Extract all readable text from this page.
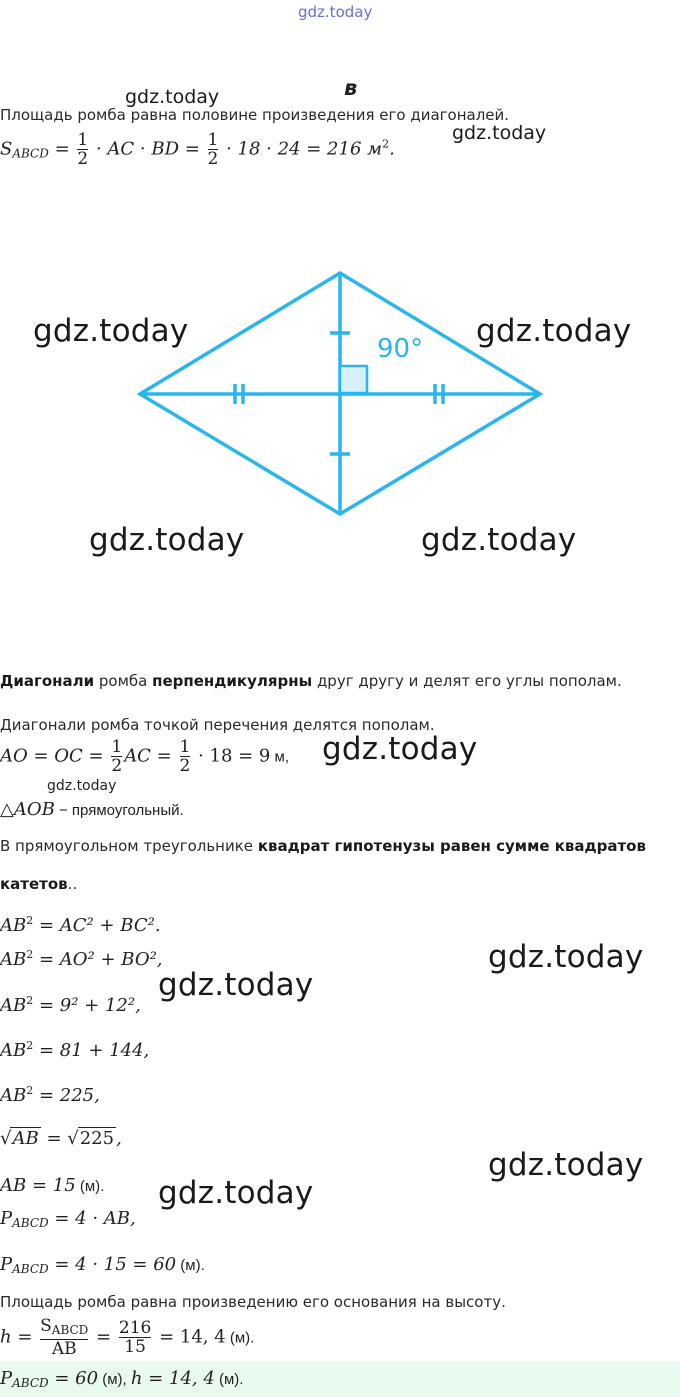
gdz.today
в
gdz.today
Площадь ромба равна половине произведения его диагоналей.
gdz.today
$S_{ABCD} = \frac{1}{2}$ · AC · BD = $\frac{1}{2} \cdot 18 \cdot 24 = 216$ $м^2$.
90°
gdz.today	gdz.today
gdz.today	gdz.today
Диагонали ромба перпендикулярны друг другу и делят его углы пополам.
Диагонали ромба точкой перечения делятся пополам.
AO = OC = $\frac{1}{2}$ AC = $\frac{1}{2} \cdot 18 = 9$ м, gdz.today
gdz.today
△AOB − прямоугольный.
В прямоугольном треугольнике квадрат гипотенузы равен сумме квадратов
катетов..
$AB^2 = AC^2 + BC^2$.
$AB^2 = AO^2 + BO^2$,	gdz.today
$AB^2 = 9^2 + 12^2$,
gdz.today
$AB^2 = 81 + 144$,
$AB^2 = 225$,
√AB = √225 ,
gdz.today
AB = 15 (м). gdz.today
$P_{ABCD} = 4$ · AB,
$P_{ABCD} = 4 \cdot 15 = 60$ (м).
Площадь ромба равна произведению его основания на высоту.
$h = \frac{S_{ABCD}}{AB} = \frac{216}{15} = 14$, 4 (м).
$P_{ABCD} = 60$ (м), h = 14, 4 (м).
